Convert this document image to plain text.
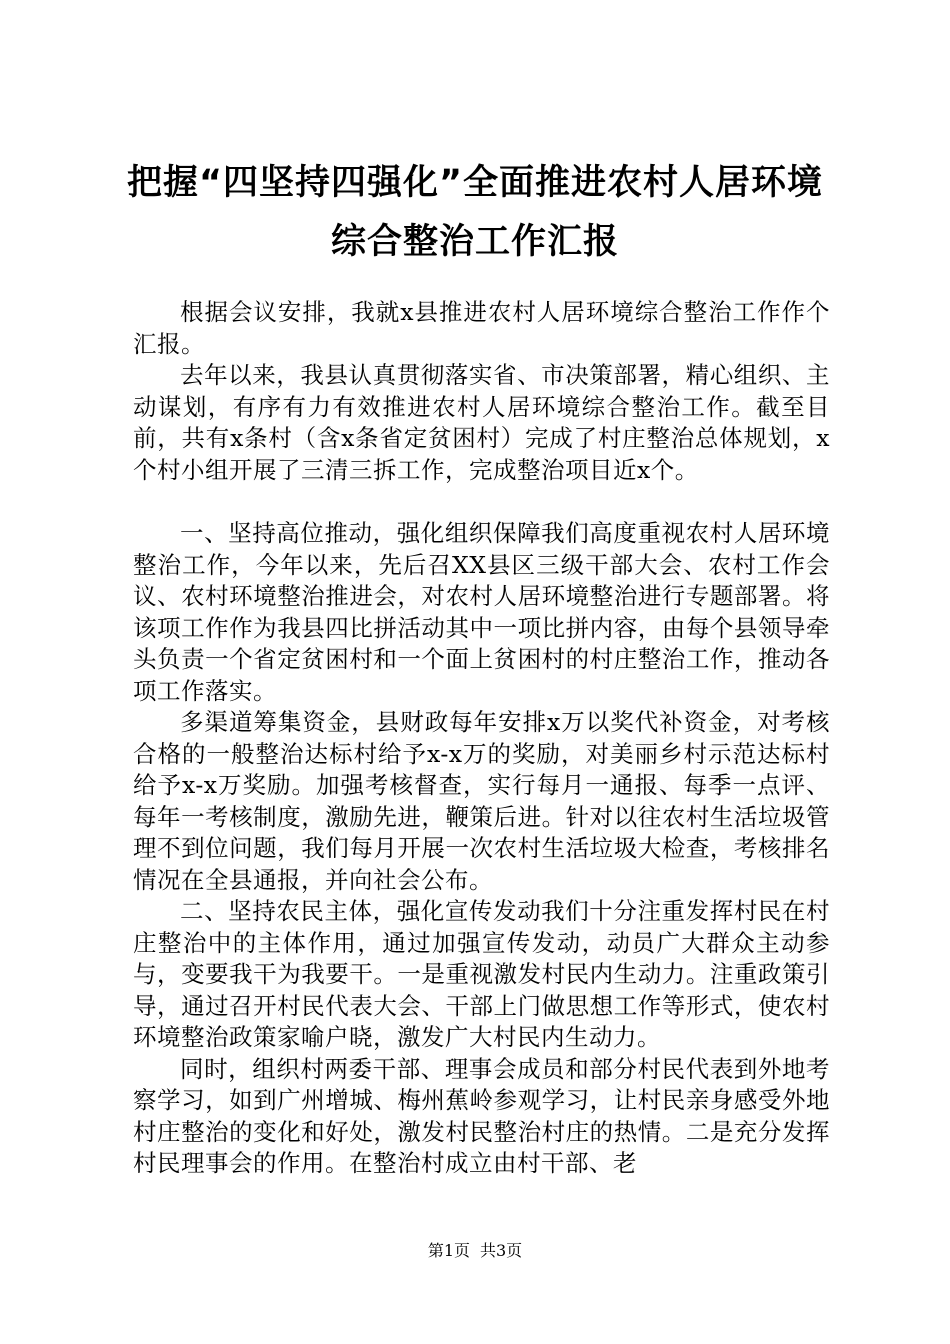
把握“四坚持四强化”全面推进农村人居环境
综合整治工作汇报

根据会议安排，我就x县推进农村人居环境综合整治工作作个汇报。

去年以来，我县认真贯彻落实省、市决策部署，精心组织、主动谋划，有序有力有效推进农村人居环境综合整治工作。截至目前，共有x条村（含x条省定贫困村）完成了村庄整治总体规划，x个村小组开展了三清三拆工作，完成整治项目近x个。

一、坚持高位推动，强化组织保障我们高度重视农村人居环境整治工作，今年以来，先后召XX县区三级干部大会、农村工作会议、农村环境整治推进会，对农村人居环境整治进行专题部署。将该项工作作为我县四比拼活动其中一项比拼内容，由每个县领导牵头负责一个省定贫困村和一个面上贫困村的村庄整治工作，推动各项工作落实。

多渠道筹集资金，县财政每年安排x万以奖代补资金，对考核合格的一般整治达标村给予x-x万的奖励，对美丽乡村示范达标村给予x-x万奖励。加强考核督查，实行每月一通报、每季一点评、每年一考核制度，激励先进，鞭策后进。针对以往农村生活垃圾管理不到位问题，我们每月开展一次农村生活垃圾大检查，考核排名情况在全县通报，并向社会公布。

二、坚持农民主体，强化宣传发动我们十分注重发挥村民在村庄整治中的主体作用，通过加强宣传发动，动员广大群众主动参与，变要我干为我要干。一是重视激发村民内生动力。注重政策引导，通过召开村民代表大会、干部上门做思想工作等形式，使农村环境整治政策家喻户晓，激发广大村民内生动力。

同时，组织村两委干部、理事会成员和部分村民代表到外地考察学习，如到广州增城、梅州蕉岭参观学习，让村民亲身感受外地村庄整治的变化和好处，激发村民整治村庄的热情。二是充分发挥村民理事会的作用。在整治村成立由村干部、老

第1页 共3页
